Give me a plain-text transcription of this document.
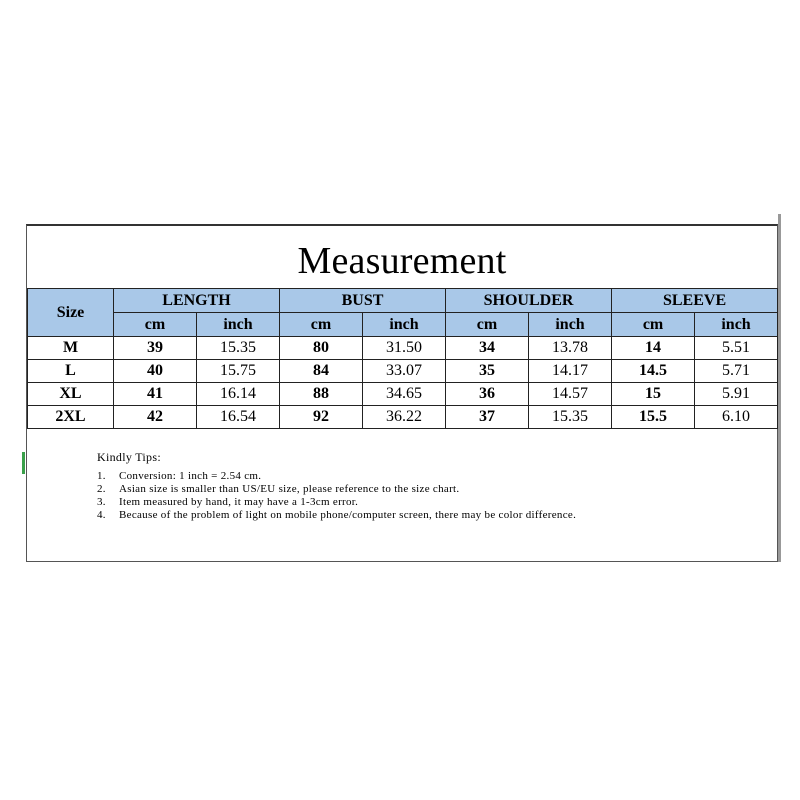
Measurement
Size	LENGTH		BUST		SHOULDER		SLEEVE	
	cm	inch	cm	inch	cm	inch	cm	inch
M	39	15.35	80	31.50	34	13.78	14	5.51
L	40	15.75	84	33.07	35	14.17	14.5	5.71
XL	41	16.14	88	34.65	36	14.57	15	5.91
2XL	42	16.54	92	36.22	37	15.35	15.5	6.10
Kindly Tips:
1.	Conversion: 1 inch = 2.54 cm.
2.	Asian size is smaller than US/EU size, please reference to the size chart.
3.	Item measured by hand, it may have a 1-3cm error.
4.	Because of the problem of light on mobile phone/computer screen, there may be color difference.
